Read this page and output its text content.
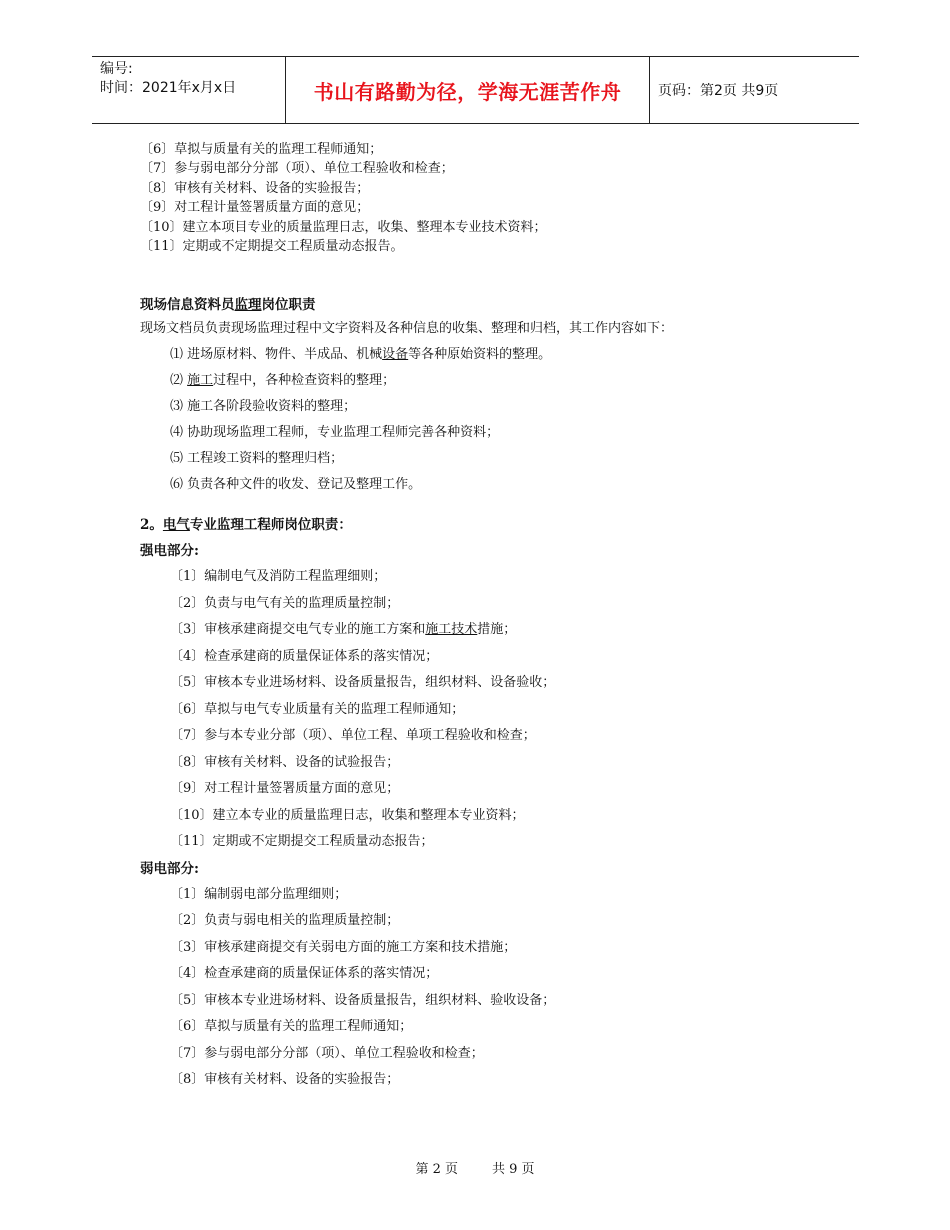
编号:
时间：2021年x月x日	书山有路勤为径，学海无涯苦作舟	页码：第2页 共9页
〔6〕草拟与质量有关的监理工程师通知；
〔7〕参与弱电部分分部（项）、单位工程验收和检查；
〔8〕审核有关材料、设备的实验报告；
〔9〕对工程计量签署质量方面的意见；
〔10〕建立本项目专业的质量监理日志，收集、整理本专业技术资料；
〔11〕定期或不定期提交工程质量动态报告。
现场信息资料员监理岗位职责
现场文档员负责现场监理过程中文字资料及各种信息的收集、整理和归档，其工作内容如下：
⑴ 进场原材料、物件、半成品、机械设备等各种原始资料的整理。
⑵ 施工过程中，各种检查资料的整理；
⑶ 施工各阶段验收资料的整理；
⑷ 协助现场监理工程师，专业监理工程师完善各种资料；
⑸ 工程竣工资料的整理归档；
⑹ 负责各种文件的收发、登记及整理工作。
2。电气专业监理工程师岗位职责：
强电部分:
〔1〕编制电气及消防工程监理细则；
〔2〕负责与电气有关的监理质量控制；
〔3〕审核承建商提交电气专业的施工方案和施工技术措施；
〔4〕检查承建商的质量保证体系的落实情况；
〔5〕审核本专业进场材料、设备质量报告，组织材料、设备验收；
〔6〕草拟与电气专业质量有关的监理工程师通知；
〔7〕参与本专业分部（项）、单位工程、单项工程验收和检查；
〔8〕审核有关材料、设备的试验报告；
〔9〕对工程计量签署质量方面的意见；
〔10〕建立本专业的质量监理日志，收集和整理本专业资料；
〔11〕定期或不定期提交工程质量动态报告；
弱电部分:
〔1〕编制弱电部分监理细则；
〔2〕负责与弱电相关的监理质量控制；
〔3〕审核承建商提交有关弱电方面的施工方案和技术措施；
〔4〕检查承建商的质量保证体系的落实情况；
〔5〕审核本专业进场材料、设备质量报告，组织材料、验收设备；
〔6〕草拟与质量有关的监理工程师通知；
〔7〕参与弱电部分分部（项）、单位工程验收和检查；
〔8〕审核有关材料、设备的实验报告；
第 2 页	共 9 页
